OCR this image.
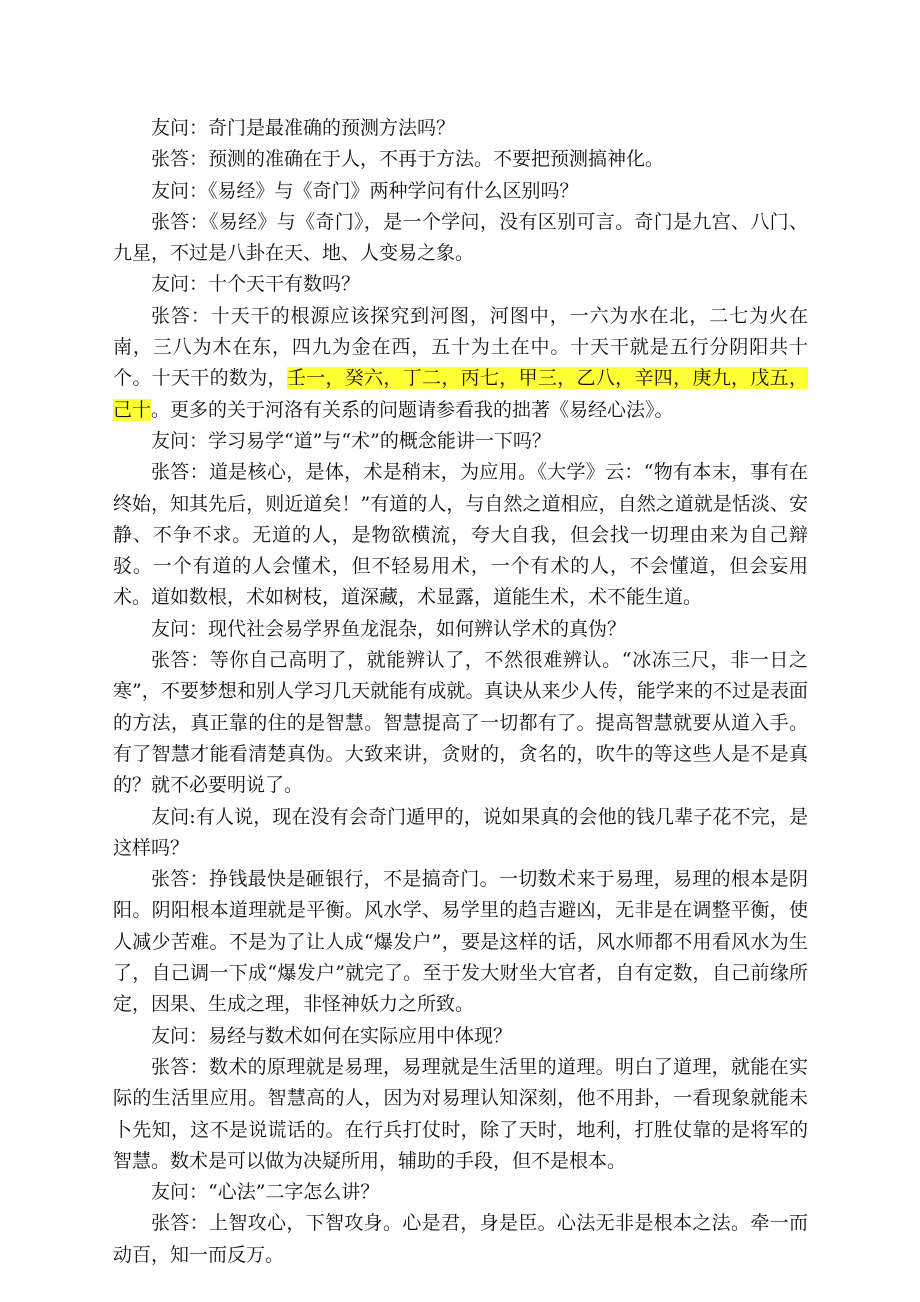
友问：奇门是最准确的预测方法吗？

张答：预测的准确在于人，不再于方法。不要把预测搞神化。

友问：《易经》与《奇门》两种学问有什么区别吗？

张答：《易经》与《奇门》，是一个学问，没有区别可言。奇门是九宫、八门、九星，不过是八卦在天、地、人变易之象。

友问：十个天干有数吗？

张答：十天干的根源应该探究到河图，河图中，一六为水在北，二七为火在南，三八为木在东，四九为金在西，五十为土在中。十天干就是五行分阴阳共十个。十天干的数为，壬一，癸六，丁二，丙七，甲三，乙八，辛四，庚九，戊五，己十。更多的关于河洛有关系的问题请参看我的拙著《易经心法》。

友问：学习易学“道”与“术”的概念能讲一下吗？

张答：道是核心，是体，术是稍末，为应用。《大学》云：“物有本末，事有在终始，知其先后，则近道矣！”有道的人，与自然之道相应，自然之道就是恬淡、安静、不争不求。无道的人，是物欲横流，夸大自我，但会找一切理由来为自己辩驳。一个有道的人会懂术，但不轻易用术，一个有术的人，不会懂道，但会妄用术。道如数根，术如树枝，道深藏，术显露，道能生术，术不能生道。

友问：现代社会易学界鱼龙混杂，如何辨认学术的真伪？

张答：等你自己高明了，就能辨认了，不然很难辨认。“冰冻三尺，非一日之寒”，不要梦想和别人学习几天就能有成就。真诀从来少人传，能学来的不过是表面的方法，真正靠的住的是智慧。智慧提高了一切都有了。提高智慧就要从道入手。有了智慧才能看清楚真伪。大致来讲，贪财的，贪名的，吹牛的等这些人是不是真的？就不必要明说了。

友问:有人说，现在没有会奇门遁甲的，说如果真的会他的钱几辈子花不完，是这样吗？

张答：挣钱最快是砸银行，不是搞奇门。一切数术来于易理，易理的根本是阴阳。阴阳根本道理就是平衡。风水学、易学里的趋吉避凶，无非是在调整平衡，使人减少苦难。不是为了让人成“爆发户”，要是这样的话，风水师都不用看风水为生了，自己调一下成“爆发户”就完了。至于发大财坐大官者，自有定数，自己前缘所定，因果、生成之理，非怪神妖力之所致。

友问：易经与数术如何在实际应用中体现？

张答：数术的原理就是易理，易理就是生活里的道理。明白了道理，就能在实际的生活里应用。智慧高的人，因为对易理认知深刻，他不用卦，一看现象就能未卜先知，这不是说谎话的。在行兵打仗时，除了天时，地利，打胜仗靠的是将军的智慧。数术是可以做为决疑所用，辅助的手段，但不是根本。

友问：“心法”二字怎么讲？

张答：上智攻心，下智攻身。心是君，身是臣。心法无非是根本之法。牵一而动百，知一而反万。
